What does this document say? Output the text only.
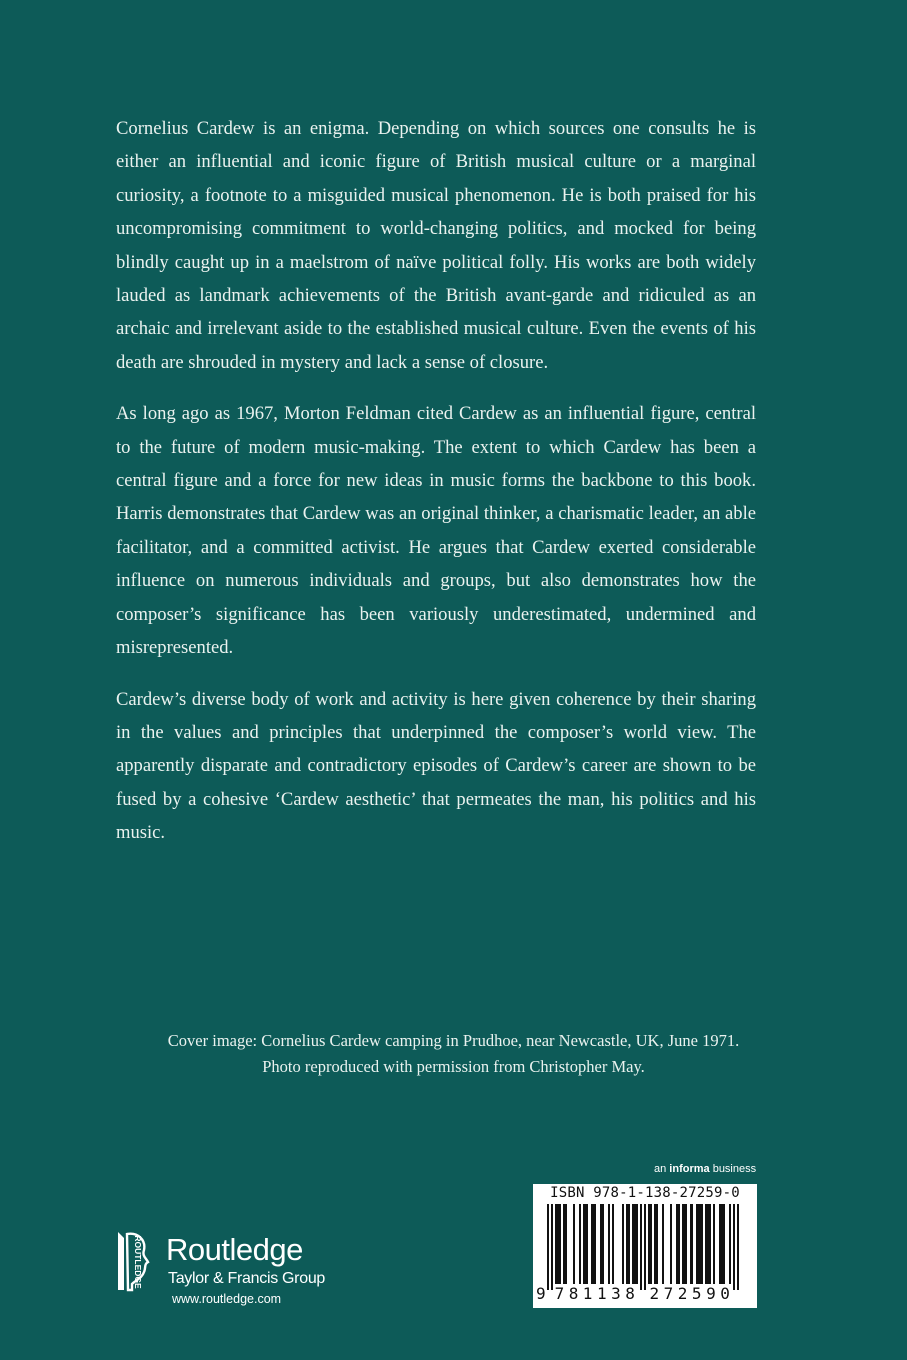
Cornelius Cardew is an enigma. Depending on which sources one consults he is either an influential and iconic figure of British musical culture or a marginal curiosity, a footnote to a misguided musical phenomenon. He is both praised for his uncompromising commitment to world-changing politics, and mocked for being blindly caught up in a maelstrom of naïve political folly. His works are both widely lauded as landmark achievements of the British avant-garde and ridiculed as an archaic and irrelevant aside to the established musical culture. Even the events of his death are shrouded in mystery and lack a sense of closure.

As long ago as 1967, Morton Feldman cited Cardew as an influential figure, central to the future of modern music-making. The extent to which Cardew has been a central figure and a force for new ideas in music forms the backbone to this book. Harris demonstrates that Cardew was an original thinker, a charismatic leader, an able facilitator, and a committed activist. He argues that Cardew exerted considerable influence on numerous individuals and groups, but also demonstrates how the composer’s significance has been variously underestimated, undermined and misrepresented.

Cardew’s diverse body of work and activity is here given coherence by their sharing in the values and principles that underpinned the composer’s world view. The apparently disparate and contradictory episodes of Cardew’s career are shown to be fused by a cohesive ‘Cardew aesthetic’ that permeates the man, his politics and his music.

Cover image: Cornelius Cardew camping in Prudhoe, near Newcastle, UK, June 1971.
Photo reproduced with permission from Christopher May.
an informa business
ISBN 978-1-138-27259-0
9 7 8 1 1 3 8 2 7 2 5 9 0
ROUTLEDGE Routledge
Taylor & Francis Group
www.routledge.com
